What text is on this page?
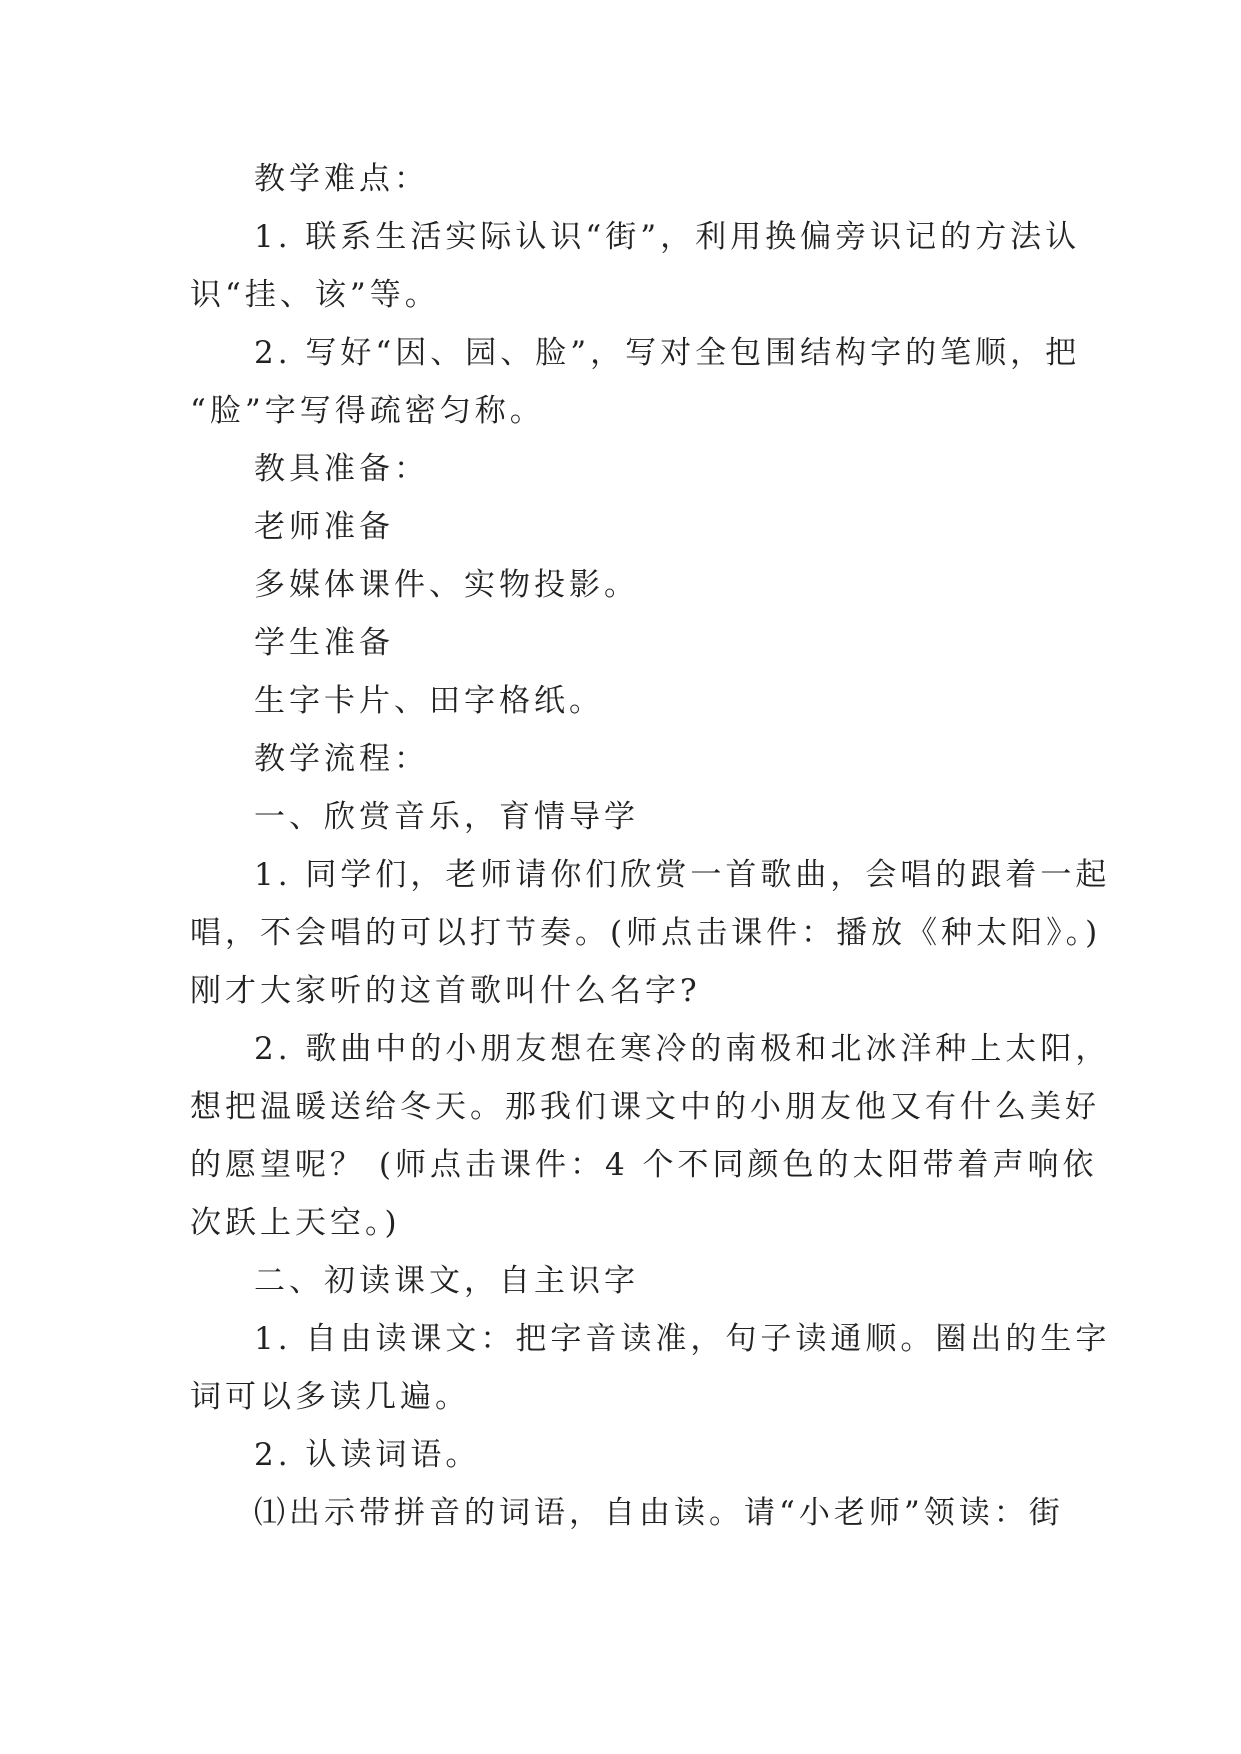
教学难点：

1. 联系生活实际认识“街”，利用换偏旁识记的方法认

识“挂、该”等。

2. 写好“因、园、脸”，写对全包围结构字的笔顺，把

“脸”字写得疏密匀称。

教具准备：

老师准备

多媒体课件、实物投影。

学生准备

生字卡片、田字格纸。

教学流程：

一、欣赏音乐，育情导学

1. 同学们，老师请你们欣赏一首歌曲，会唱的跟着一起

唱，不会唱的可以打节奏。(师点击课件：播放《种太阳》。)

刚才大家听的这首歌叫什么名字?

2. 歌曲中的小朋友想在寒冷的南极和北冰洋种上太阳，

想把温暖送给冬天。那我们课文中的小朋友他又有什么美好

的愿望呢？ (师点击课件：4 个不同颜色的太阳带着声响依

次跃上天空。)

二、初读课文，自主识字

1. 自由读课文：把字音读准，句子读通顺。圈出的生字

词可以多读几遍。

2. 认读词语。

⑴出示带拼音的词语，自由读。请“小老师”领读：街
